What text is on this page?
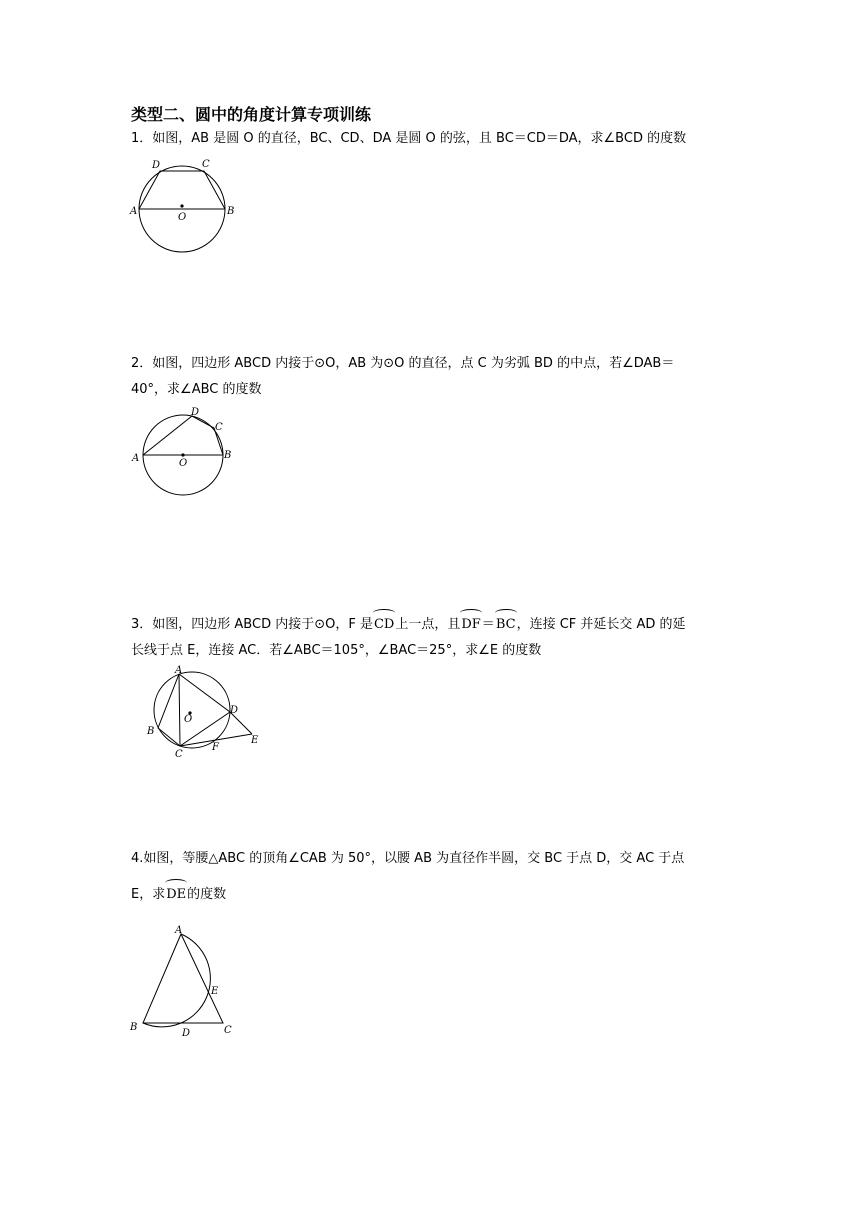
类型二、圆中的角度计算专项训练
1．如图，AB 是圆 O 的直径，BC、CD、DA 是圆 O 的弦，且 BC＝CD＝DA，求∠BCD 的度数
D	C
A	B
O
2．如图，四边形 ABCD 内接于⊙O，AB 为⊙O 的直径，点 C 为劣弧 BD 的中点，若∠DAB＝
40°，求∠ABC 的度数
D
C
A	B
O
3．如图，四边形 ABCD 内接于⊙O，F 是CD上一点，且DF＝BC，连接 CF 并延长交 AD 的延
长线于点 E，连接 AC．若∠ABC＝105°，∠BAC＝25°，求∠E 的度数
A
B
C
D
E
F
O
4.如图，等腰△ABC 的顶角∠CAB 为 50°，以腰 AB 为直径作半圆，交 BC 于点 D，交 AC 于点
E，求DE的度数
A
B	C
D
E
